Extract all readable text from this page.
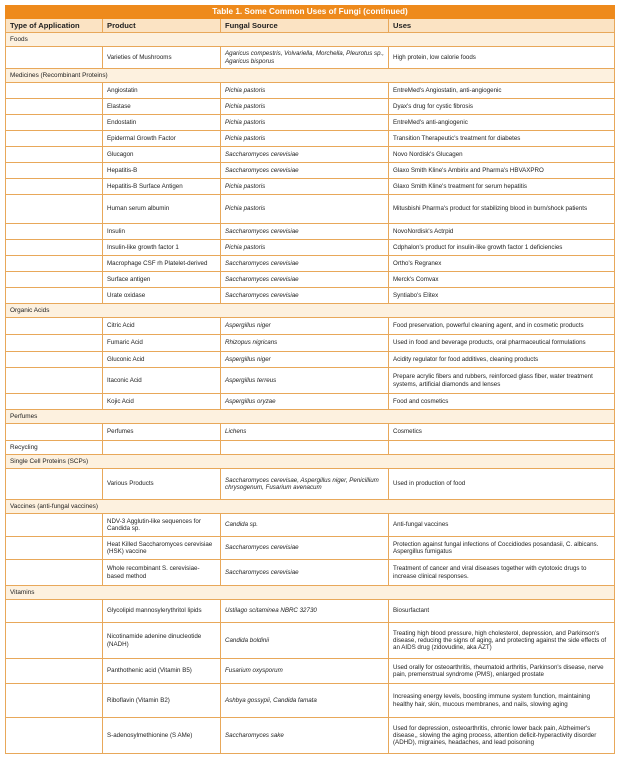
Table 1. Some Common Uses of Fungi (continued)			
Type of Application	Product	Fungal Source	Uses
Foods			
	Varieties of Mushrooms	Agaricus compestris, Volvariella, Morchella, Pleurotus sp., Agaricus bisporus	High protein, low calorie foods
Medicines (Recombinant Proteins)			
	Angiostatin	Pichia pastoris	EntreMed's Angiostatin, anti-angiogenic
	Elastase	Pichia pastoris	Dyax's drug for cystic fibrosis
	Endostatin	Pichia pastoris	EntreMed's anti-angiogenic
	Epidermal Growth Factor	Pichia pastoris	Transition Therapeutic's treatment for diabetes
	Glucagon	Saccharomyces cerevisiae	Novo Nordisk's Glucagen
	Hepatitis-B	Saccharomyces cerevisiae	Glaxo Smith Kline's Ambirix and Pharma's HBVAXPRO
	Hepatitis-B Surface Antigen	Pichia pastoris	Glaxo Smith Kline's treatment for serum hepatitis
	Human serum albumin	Pichia pastoris	Mitusbishi Pharma's product for stabilizing blood in burn/shock patients
	Insulin	Saccharomyces cerevisiae	NovoNordisk's Actrpid
	Insulin-like growth factor 1	Pichia pastoris	Cdphalon's product for insulin-like growth factor 1 deficiencies
	Macrophage CSF rh Platelet-derived	Saccharomyces cerevisiae	Ortho's Regranex
	Surface antigen	Saccharomyces cerevisiae	Merck's Comvax
	Urate oxidase	Saccharomyces cerevisiae	Syntiabo's Elitex
Organic Acids			
	Citric Acid	Aspergillus niger	Food preservation, powerful cleaning agent, and in cosmetic products
	Fumaric Acid	Rhizopus nigricans	Used in food and beverage products, oral pharmaceutical formulations
	Gluconic Acid	Aspergillus niger	Acidity regulator for food additives, cleaning products
	Itaconic Acid	Aspergillus terreus	Prepare acrylic fibers and rubbers, reinforced glass fiber, water treatment systems, artificial diamonds and lenses
	Kojic Acid	Aspergillus oryzae	Food and cosmetics
Perfumes			
	Perfumes	Lichens	Cosmetics
Recycling			
Single Cell Proteins (SCPs)			
	Various Products	Saccharomyces cerevisae, Aspergillus niger, Penicillium chrysogenum, Fusarium avenacum	Used in production of food
Vaccines (anti-fungal vaccines)			
	NDV-3 Agglutin-like sequences for Candida sp.	Candida sp.	Anti-fungal vaccines
	Heat Killed Saccharomyces cerevisiae (HSK) vaccine	Saccharomyces cerevisiae	Protection against fungal infections of Coccidiodes posandasii, C. albicans. Aspergillus fumigatus
	Whole recombinant S. cerevisiae-based method	Saccharomyces cerevisiae	Treatment of cancer and viral diseases together with cytotoxic drugs to increase clinical responses.
Vitamins			
	Glycolipid mannosylerythritol lipids	Ustilago scitaminea NBRC 32730	Biosurfactant
	Nicotinamide adenine dinucleotide (NADH)	Candida boldinii	Treating high blood pressure, high cholesterol, depression, and Parkinson's disease, reducing the signs of aging, and protecting against the side effects of an AIDS drug (zidovudine, aka AZT)
	Panthothenic acid (Vitamin B5)	Fusarium oxysporum	Used orally for osteoarthritis, rheumatoid arthritis, Parkinson's disease, nerve pain, premenstrual syndrome (PMS), enlarged prostate
	Riboflavin (Vitamin B2)	Ashbya gossypii, Candida famata	Increasing energy levels, boosting immune system function, maintaining healthy hair, skin, mucous membranes, and nails, slowing aging
	S-adenosylmethionine (S AMe)	Saccharomyces sake	Used for depression, osteoarthritis, chronic lower back pain, Alzheimer's disease,, slowing the aging process, attention deficit-hyperactivity disorder (ADHD), migraines, headaches, and lead poisoning
